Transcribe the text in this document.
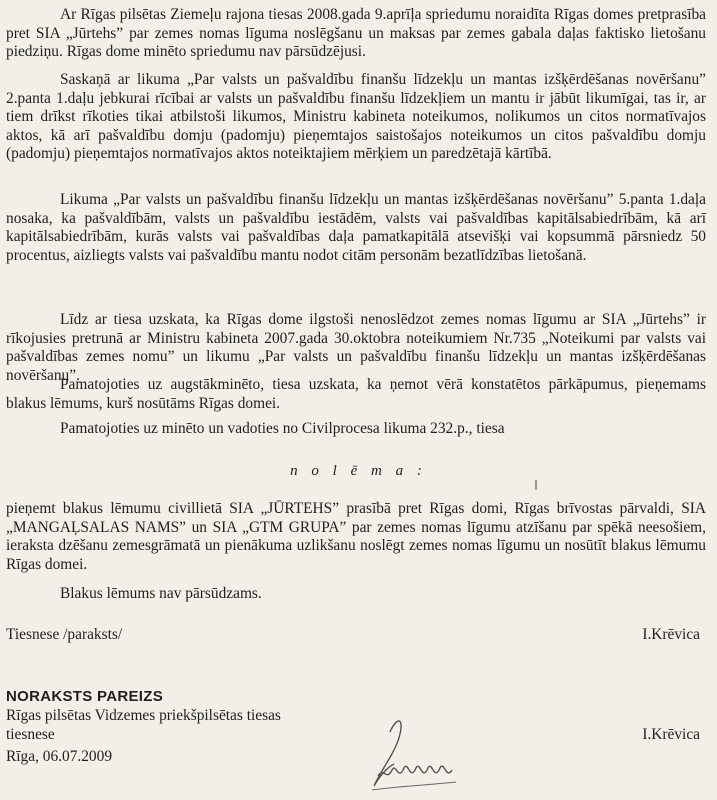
Ar Rīgas pilsētas Ziemeļu rajona tiesas 2008.gada 9.aprīļa spriedumu noraidīta Rīgas domes pretprasība pret SIA „Jūrtehs” par zemes nomas līguma noslēgšanu un maksas par zemes gabala daļas faktisko lietošanu piedziņu. Rīgas dome minēto spriedumu nav pārsūdzējusi.

Saskaņā ar likuma „Par valsts un pašvaldību finanšu līdzekļu un mantas izšķērdēšanas novēršanu” 2.panta 1.daļu jebkurai rīcībai ar valsts un pašvaldību finanšu līdzekļiem un mantu ir jābūt likumīgai, tas ir, ar tiem drīkst rīkoties tikai atbilstoši likumos, Ministru kabineta noteikumos, nolikumos un citos normatīvajos aktos, kā arī pašvaldību domju (padomju) pieņemtajos saistošajos noteikumos un citos pašvaldību domju (padomju) pieņemtajos normatīvajos aktos noteiktajiem mērķiem un paredzētajā kārtībā.

Likuma „Par valsts un pašvaldību finanšu līdzekļu un mantas izšķērdēšanas novēršanu” 5.panta 1.daļa nosaka, ka pašvaldībām, valsts un pašvaldību iestādēm, valsts vai pašvaldības kapitālsabiedrībām, kā arī kapitālsabiedrībām, kurās valsts vai pašvaldības daļa pamatkapitālā atsevišķi vai kopsummā pārsniedz 50 procentus, aizliegts valsts vai pašvaldību mantu nodot citām personām bezatlīdzības lietošanā.

Līdz ar tiesa uzskata, ka Rīgas dome ilgstoši nenoslēdzot zemes nomas līgumu ar SIA „Jūrtehs” ir rīkojusies pretrunā ar Ministru kabineta 2007.gada 30.oktobra noteikumiem Nr.735 „Noteikumi par valsts vai pašvaldības zemes nomu” un likumu „Par valsts un pašvaldību finanšu līdzekļu un mantas izšķērdēšanas novēršanu”.

Pamatojoties uz augstākminēto, tiesa uzskata, ka ņemot vērā konstatētos pārkāpumus, pieņemams blakus lēmums, kurš nosūtāms Rīgas domei.

Pamatojoties uz minēto un vadoties no Civilprocesa likuma 232.p., tiesa

n o l ē m a :

pieņemt blakus lēmumu civillietā SIA „JŪRTEHS” prasībā pret Rīgas domi, Rīgas brīvostas pārvaldi, SIA „MANGAĻSALAS NAMS” un SIA „GTM GRUPA” par zemes nomas līgumu atzīšanu par spēkā neesošiem, ieraksta dzēšanu zemesgrāmatā un pienākuma uzlikšanu noslēgt zemes nomas līgumu un nosūtīt blakus lēmumu Rīgas domei.

Blakus lēmums nav pārsūdzams.

Tiesnese /paraksts/	I.Krēvica
NORAKSTS PAREIZS
Rīgas pilsētas Vidzemes priekšpilsētas tiesas
tiesnese	I.Krēvica
Rīga, 06.07.2009
